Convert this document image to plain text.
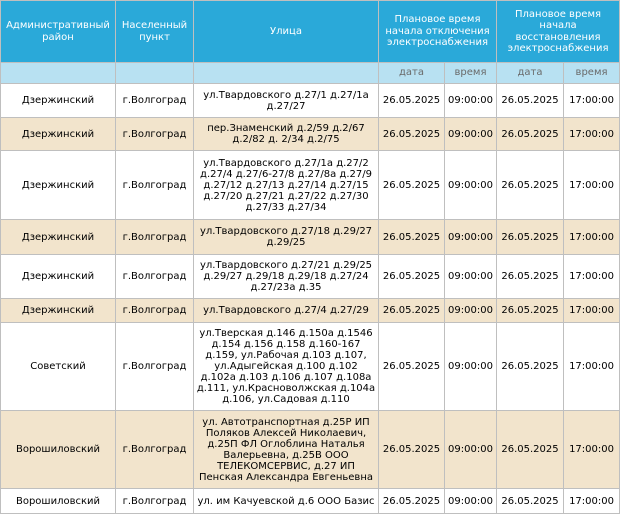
Административный район	Населенный пункт	Улица	Плановое время начала отключения электроснабжения		Плановое время начала восстановления электроснабжения	
			дата	время	дата	время
Дзержинский	г.Волгоград	ул.Твардовского д.27/1 д.27/1а д.27/27	26.05.2025	09:00:00	26.05.2025	17:00:00
Дзержинский	г.Волгоград	пер.Знаменский д.2/59 д.2/67 д.2/82 д. 2/34 д.2/75	26.05.2025	09:00:00	26.05.2025	17:00:00
Дзержинский	г.Волгоград	ул.Твардовского д.27/1а д.27/2 д.27/4 д.27/6-27/8 д.27/8а д.27/9 д.27/12 д.27/13 д.27/14 д.27/15 д.27/20 д.27/21 д.27/22 д.27/30 д.27/33 д.27/34	26.05.2025	09:00:00	26.05.2025	17:00:00
Дзержинский	г.Волгоград	ул.Твардовского д.27/18 д.29/27 д.29/25	26.05.2025	09:00:00	26.05.2025	17:00:00
Дзержинский	г.Волгоград	ул.Твардовского д.27/21 д.29/25 д.29/27 д.29/18 д.29/18 д.27/24 д.27/23а д.35	26.05.2025	09:00:00	26.05.2025	17:00:00
Дзержинский	г.Волгоград	ул.Твардовского д.27/4 д.27/29	26.05.2025	09:00:00	26.05.2025	17:00:00
Советский	г.Волгоград	ул.Тверская д.146 д.150а д.1546 д.154 д.156 д.158 д.160-167 д.159, ул.Рабочая д.103 д.107, ул.Адыгейская д.100 д.102 д.102а д.103 д.106 д.107 д.108а д.111, ул.Красноволжская д.104а д.106, ул.Садовая д.110	26.05.2025	09:00:00	26.05.2025	17:00:00
Ворошиловский	г.Волгоград	ул. Автотранспортная д.25Р ИП Поляков Алексей Николаевич, д.25П ФЛ Оглоблина Наталья Валерьевна, д.25В ООО ТЕЛЕКОМСЕРВИС, д.27 ИП Пенская Александра Евгеньевна	26.05.2025	09:00:00	26.05.2025	17:00:00
Ворошиловский	г.Волгоград	ул. им Качуевской д.6 ООО Базис	26.05.2025	09:00:00	26.05.2025	17:00:00
